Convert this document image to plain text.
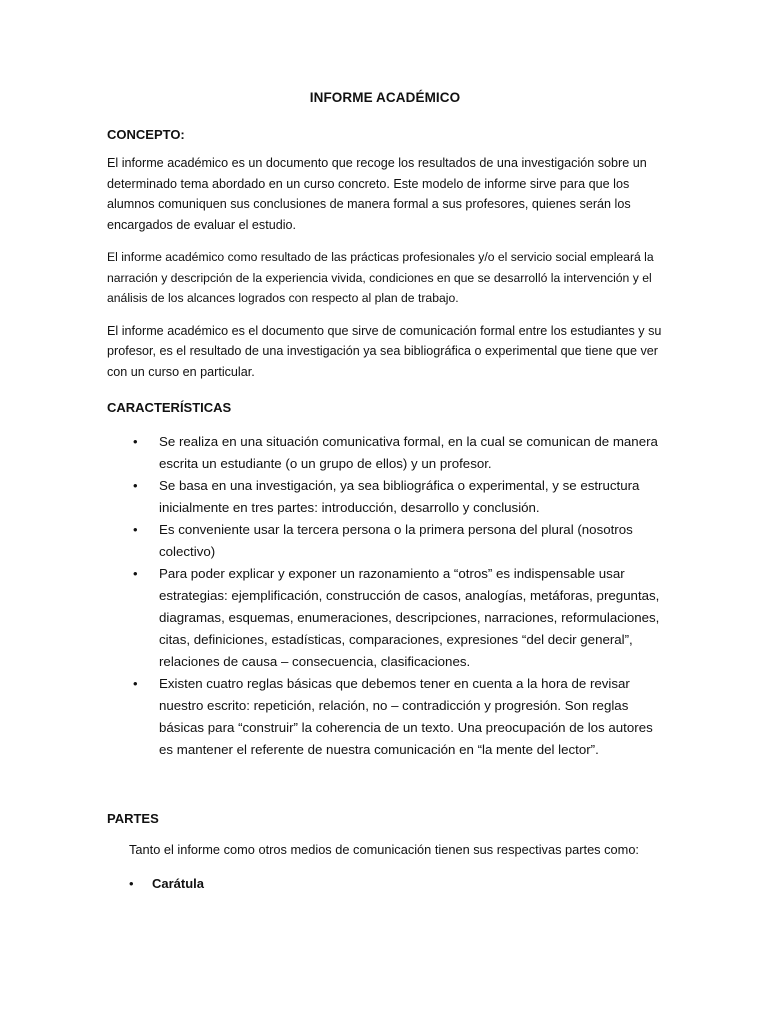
INFORME ACADÉMICO
CONCEPTO:

El informe académico es un documento que recoge los resultados de una investigación sobre un determinado tema abordado en un curso concreto. Este modelo de informe sirve para que los alumnos comuniquen sus conclusiones de manera formal a sus profesores, quienes serán los encargados de evaluar el estudio.

El informe académico como resultado de las prácticas profesionales y/o el servicio social empleará la narración y descripción de la experiencia vivida, condiciones en que se desarrolló la intervención y el análisis de los alcances logrados con respecto al plan de trabajo.

El informe académico es el documento que sirve de comunicación formal entre los estudiantes y su profesor, es el resultado de una investigación ya sea bibliográfica o experimental que tiene que ver con un curso en particular.

CARACTERÍSTICAS
• Se realiza en una situación comunicativa formal, en la cual se comunican de manera escrita un estudiante (o un grupo de ellos) y un profesor.
• Se basa en una investigación, ya sea bibliográfica o experimental, y se estructura inicialmente en tres partes: introducción, desarrollo y conclusión.
• Es conveniente usar la tercera persona o la primera persona del plural (nosotros colectivo)
• Para poder explicar y exponer un razonamiento a “otros” es indispensable usar estrategias: ejemplificación, construcción de casos, analogías, metáforas, preguntas, diagramas, esquemas, enumeraciones, descripciones, narraciones, reformulaciones, citas, definiciones, estadísticas, comparaciones, expresiones “del decir general”, relaciones de causa – consecuencia, clasificaciones.
• Existen cuatro reglas básicas que debemos tener en cuenta a la hora de revisar nuestro escrito: repetición, relación, no – contradicción y progresión. Son reglas básicas para “construir” la coherencia de un texto. Una preocupación de los autores es mantener el referente de nuestra comunicación en “la mente del lector”.
PARTES
Tanto el informe como otros medios de comunicación tienen sus respectivas partes como:
• Carátula
